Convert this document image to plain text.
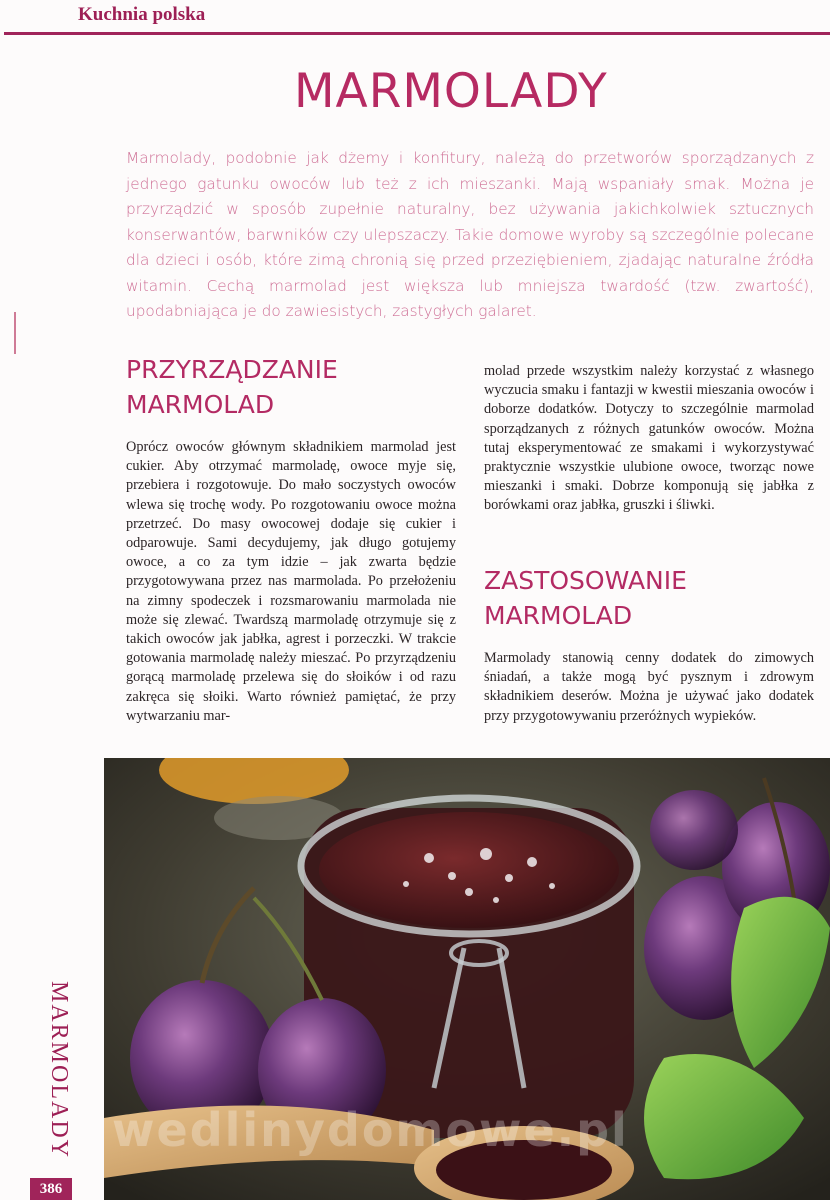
Kuchnia polska
MARMOLADY

Marmolady, podobnie jak dżemy i konfitury, należą do przetworów sporządzanych z jednego gatunku owoców lub też z ich mieszanki. Mają wspaniały smak. Można je przyrządzić w sposób zupełnie naturalny, bez używania jakichkolwiek sztucznych konserwantów, barwników czy ulepszaczy. Takie domowe wyroby są szczególnie polecane dla dzieci i osób, które zimą chronią się przed przeziębieniem, zjadając naturalne źródła witamin. Cechą marmolad jest większa lub mniejsza twardość (tzw. zwartość), upodabniająca je do zawiesistych, zastygłych galaret.

PRZYRZĄDZANIE MARMOLAD

Oprócz owoców głównym składnikiem marmolad jest cukier. Aby otrzymać marmoladę, owoce myje się, przebiera i rozgotowuje. Do mało soczystych owoców wlewa się trochę wody. Po rozgotowaniu owoce można przetrzeć. Do masy owocowej dodaje się cukier i odparowuje. Sami decydujemy, jak długo gotujemy owoce, a co za tym idzie – jak zwarta będzie przygotowywana przez nas marmolada. Po przełożeniu na zimny spodeczek i rozsmarowaniu marmolada nie może się zlewać. Twardszą marmoladę otrzymuje się z takich owoców jak jabłka, agrest i porzeczki. W trakcie gotowania marmoladę należy mieszać. Po przyrządzeniu gorącą marmoladę przelewa się do słoików i od razu zakręca się słoiki. Warto również pamiętać, że przy wytwarzaniu mar-

molad przede wszystkim należy korzystać z własnego wyczucia smaku i fantazji w kwestii mieszania owoców i doborze dodatków. Dotyczy to szczególnie marmolad sporządzanych z różnych gatunków owoców. Można tutaj eksperymentować ze smakami i wykorzystywać praktycznie wszystkie ulubione owoce, tworząc nowe mieszanki i smaki. Dobrze komponują się jabłka z borówkami oraz jabłka, gruszki i śliwki.

ZASTOSOWANIE MARMOLAD

Marmolady stanowią cenny dodatek do zimowych śniadań, a także mogą być pysznym i zdrowym składnikiem deserów. Można je używać jako dodatek przy przygotowywaniu przeróżnych wypieków.

wedlinydomowe.pl

MARMOLADY

386
